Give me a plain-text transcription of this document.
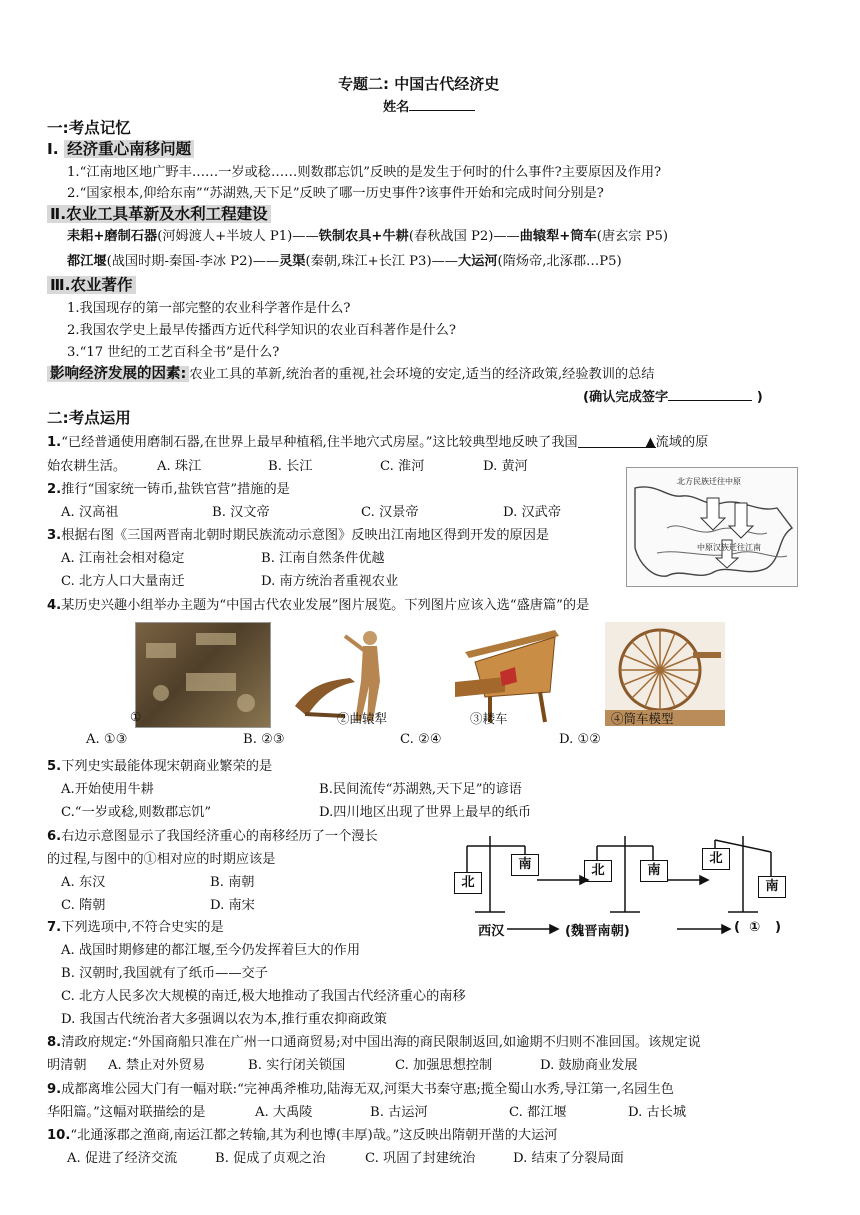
专题二: 中国古代经济史
姓名
一:考点记忆
Ⅰ. 经济重心南移问题
1.“江南地区地广野丰……一岁或稔……则数郡忘饥”反映的是发生于何时的什么事件?主要原因及作用?
2.“国家根本,仰给东南”“苏湖熟,天下足”反映了哪一历史事件?该事件开始和完成时间分别是?
Ⅱ.农业工具革新及水利工程建设
耒耜+磨制石器(河姆渡人+半坡人 P1)——铁制农具+牛耕(春秋战国 P2)——曲辕犁+筒车(唐玄宗 P5)
都江堰(战国时期-秦国-李冰 P2)——灵渠(秦朝,珠江+长江 P3)——大运河(隋炀帝,北涿郡…P5)
Ⅲ.农业著作
1.我国现存的第一部完整的农业科学著作是什么?
2.我国农学史上最早传播西方近代科学知识的农业百科著作是什么?
3.“17 世纪的工艺百科全书”是什么?
影响经济发展的因素: 农业工具的革新,统治者的重视,社会环境的安定,适当的经济政策,经验教训的总结
(确认完成签字	)
二:考点运用
1.“已经普通使用磨制石器,在世界上最早种植稻,住半地穴式房屋。”这比较典型地反映了我国	▲流域的原
始农耕生活。 A. 珠江	B. 长江	C. 淮河	D. 黄河
北方民族迁往中原
中原汉族迁往江南
2.推行“国家统一铸币,盐铁官营”措施的是
A. 汉高祖	B. 汉文帝	C. 汉景帝	D. 汉武帝
3.根据右图《三国两晋南北朝时期民族流动示意图》反映出江南地区得到开发的原因是
A. 江南社会相对稳定	B. 江南自然条件优越
C. 北方人口大量南迁	D. 南方统治者重视农业
4.某历史兴趣小组举办主题为“中国古代农业发展”图片展览。下列图片应该入选“盛唐篇”的是
①	②曲辕犁	③耧车	④筒车模型
A. ①③	B. ②③	C. ②④	D. ①②
5.下列史实最能体现宋朝商业繁荣的是
A.开始使用牛耕	B.民间流传“苏湖熟,天下足”的谚语
C.“一岁或稔,则数郡忘饥”	D.四川地区出现了世界上最早的纸币
6.右边示意图显示了我国经济重心的南移经历了一个漫长
的过程,与图中的①相对应的时期应该是
A. 东汉	B. 南朝
C. 隋朝	D. 南宋
北
南	北	南
北
南
西汉	(魏晋南朝)	( ① )
7.下列选项中,不符合史实的是
A. 战国时期修建的都江堰,至今仍发挥着巨大的作用
B. 汉朝时,我国就有了纸币——交子
C. 北方人民多次大规模的南迁,极大地推动了我国古代经济重心的南移
D. 我国古代统治者大多强调以农为本,推行重农抑商政策
8.清政府规定:“外国商船只准在广州一口通商贸易;对中国出海的商民限制返回,如逾期不归则不准回国。该规定说
明清朝 A. 禁止对外贸易	B. 实行闭关锁国	C. 加强思想控制	D. 鼓励商业发展
9.成都离堆公园大门有一幅对联:“完神禹斧椎功,陆海无双,河渠大书秦守惠;揽全蜀山水秀,导江第一,名园生色
华阳篇。”这幅对联描绘的是	A. 大禹陵	B. 古运河	C. 都江堰	D. 古长城
10.“北通涿郡之渔商,南运江都之转输,其为利也博(丰厚)哉。”这反映出隋朝开凿的大运河
A. 促进了经济交流	B. 促成了贞观之治	C. 巩固了封建统治	D. 结束了分裂局面
